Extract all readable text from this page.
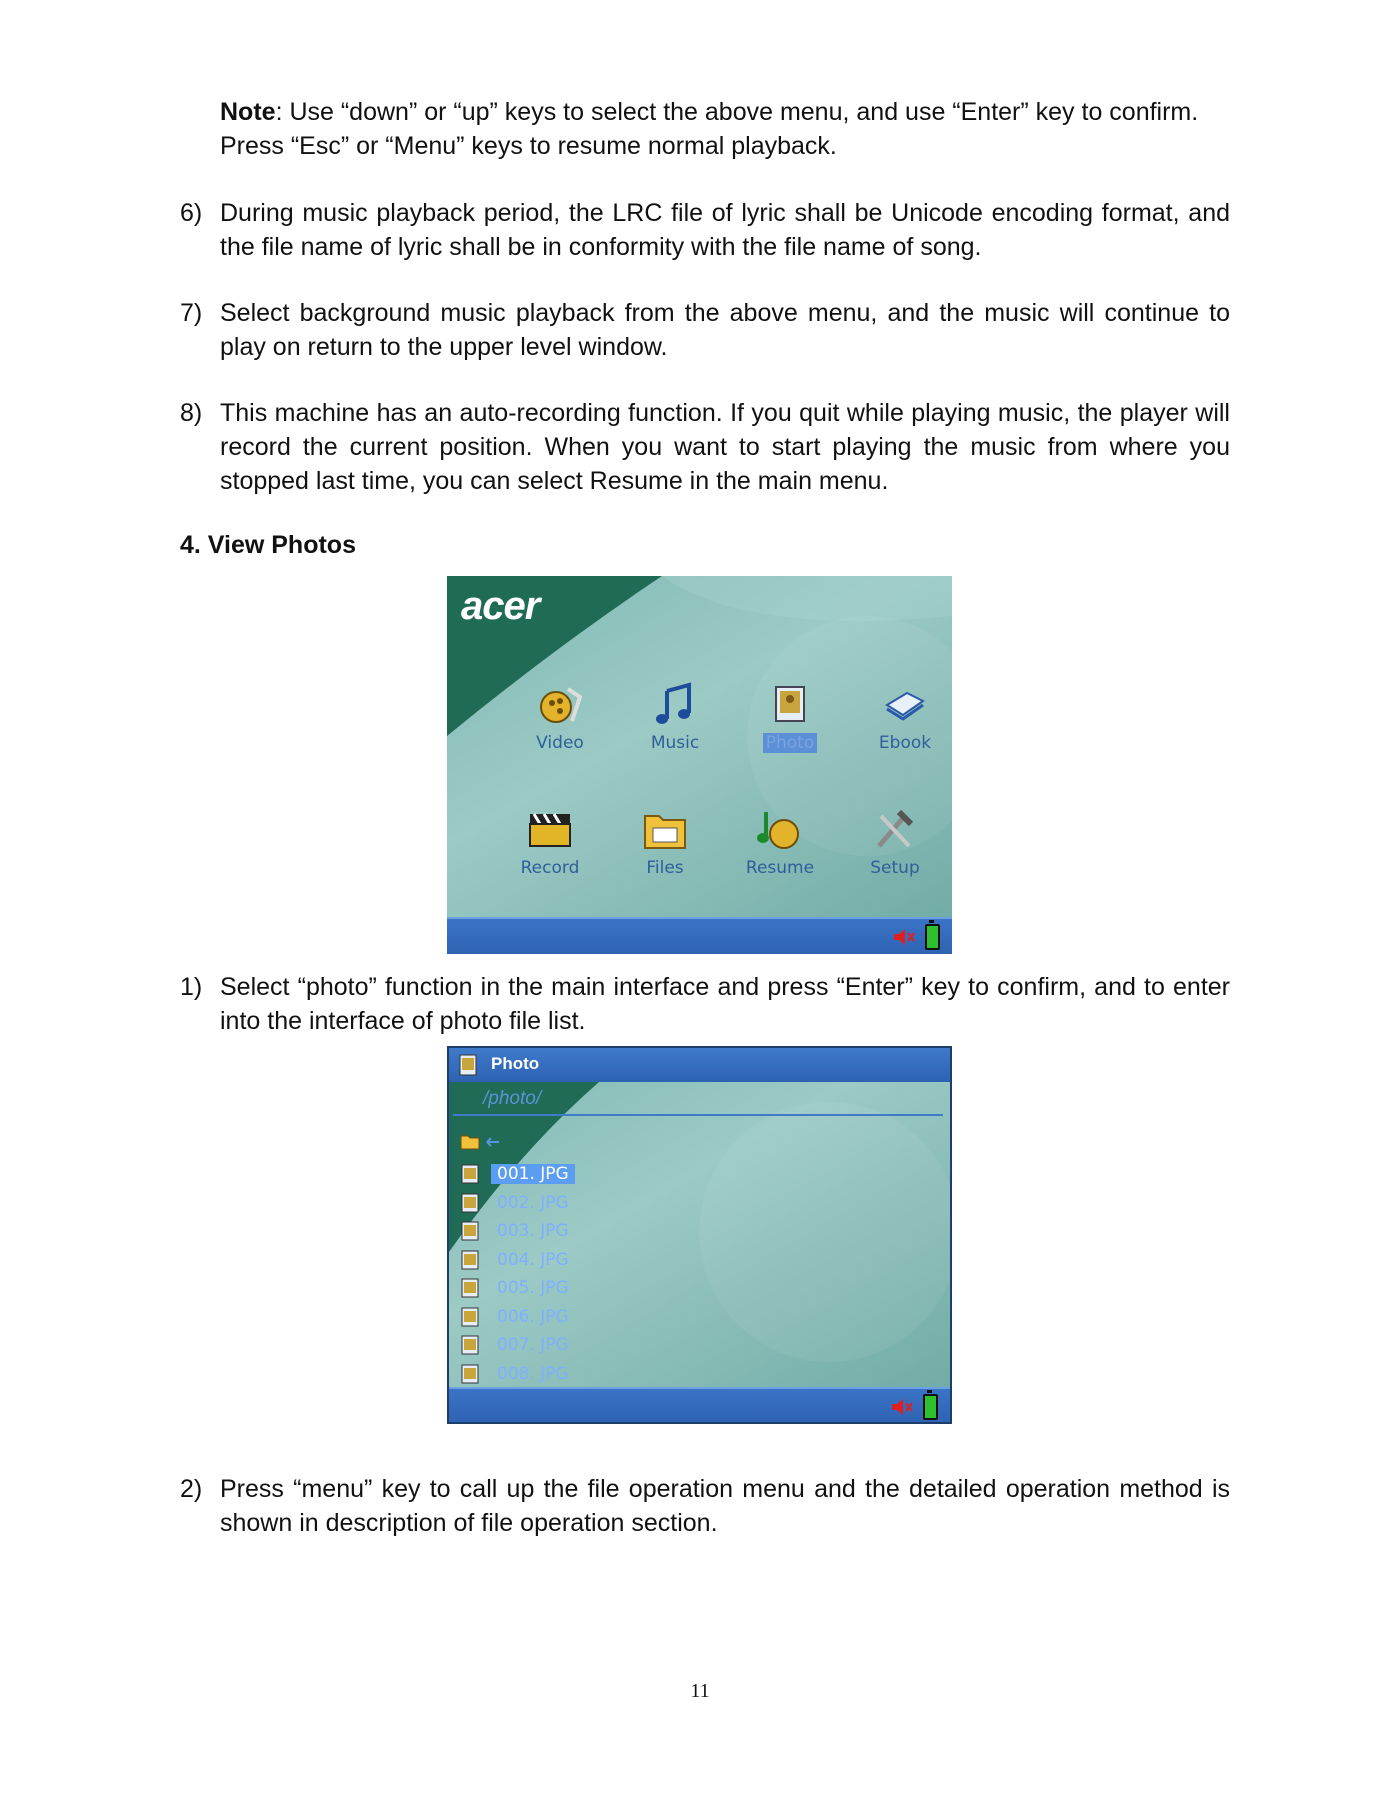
Note: Use “down” or “up” keys to select the above menu, and use “Enter” key to confirm. Press “Esc” or “Menu” keys to resume normal playback.

6) During music playback period, the LRC file of lyric shall be Unicode encoding format, and the file name of lyric shall be in conformity with the file name of song.
7) Select background music playback from the above menu, and the music will continue to play on return to the upper level window.
8) This machine has an auto-recording function. If you quit while playing music, the player will record the current position. When you want to start playing the music from where you stopped last time, you can select Resume in the main menu.
4. View Photos
acer
Video	Music	Photo	Ebook
Record	Files	Resume	Setup
1) Select “photo” function in the main interface and press “Enter” key to confirm, and to enter into the interface of photo file list.
Photo
/photo/
001. JPG
002. JPG
003. JPG
004. JPG
005. JPG
006. JPG
007. JPG
008. JPG
2) Press “menu” key to call up the file operation menu and the detailed operation method is shown in description of file operation section.
11
